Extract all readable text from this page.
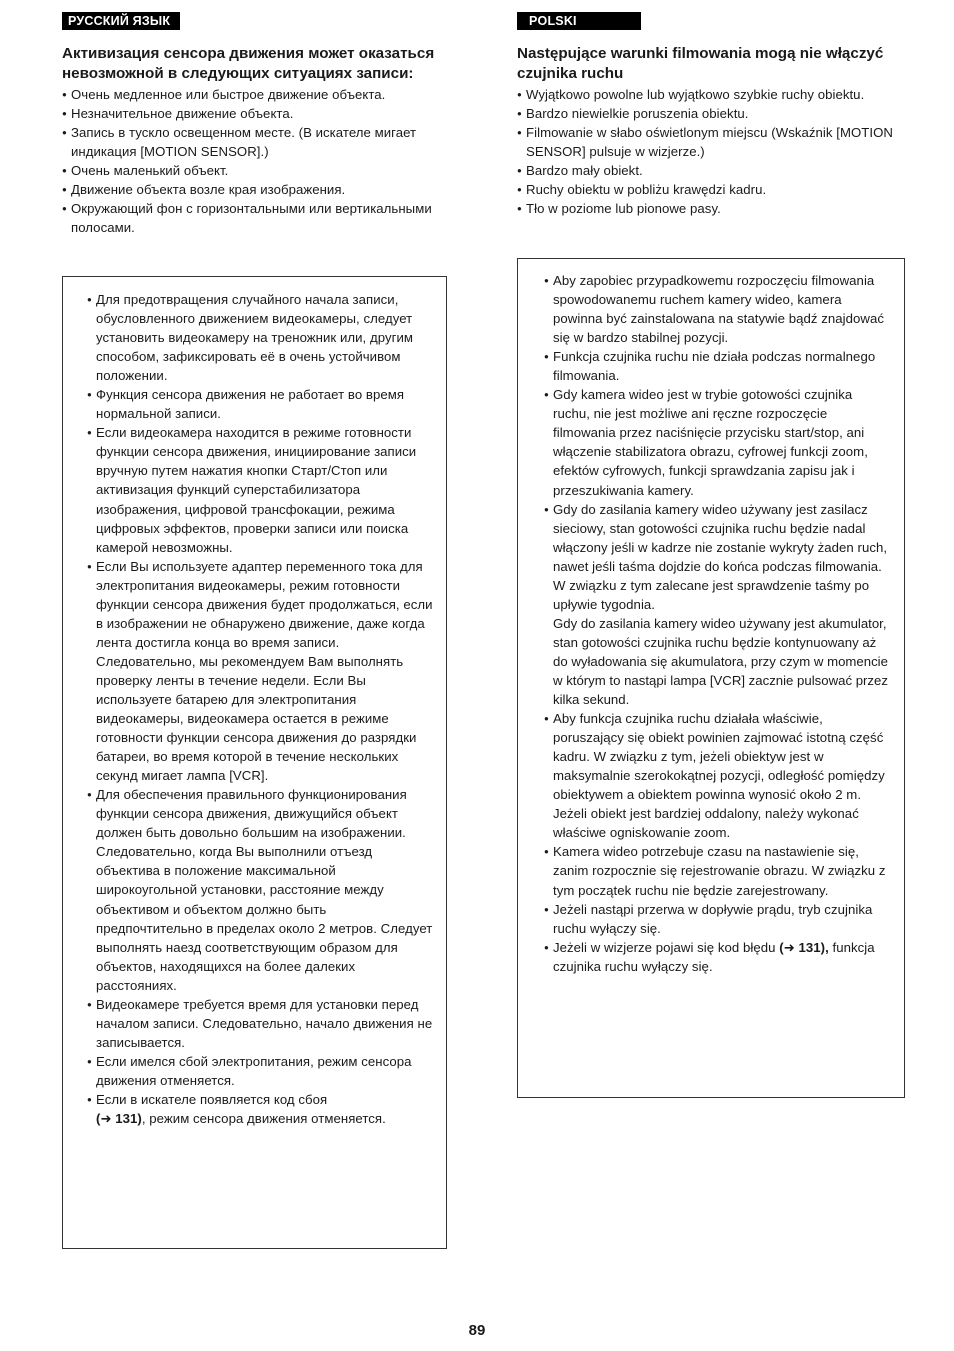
РУССКИЙ ЯЗЫК
Активизация сенсора движения может оказаться невозможной в следующих ситуациях записи:
● Очень медленное или быстрое движение объекта.
● Незначительное движение объекта.
● Запись в тускло освещенном месте. (В искателе мигает индикация [MOTION SENSOR].)
● Очень маленький объект.
● Движение объекта возле края изображения.
● Окружающий фон с горизонтальными или вертикальными полосами.
● Для предотвращения случайного начала записи, обусловленного движением видеокамеры, следует установить видеокамеру на треножник или, другим способом, зафиксировать её в очень устойчивом положении.
● Функция сенсора движения не работает во время нормальной записи.
● Если видеокамера находится в режиме готовности функции сенсора движения, инициирование записи вручную путем нажатия кнопки Старт/Стоп или активизация функций суперстабилизатора изображения, цифровой трансфокации, режима цифровых эффектов, проверки записи или поиска камерой невозможны.
● Если Вы используете адаптер переменного тока для электропитания видеокамеры, режим готовности функции сенсора движения будет продолжаться, если в изображении не обнаружено движение, даже когда лента достигла конца во время записи. Следовательно, мы рекомендуем Вам выполнять проверку ленты в течение недели. Если Вы используете батарею для электропитания видеокамеры, видеокамера остается в режиме готовности функции сенсора движения до разрядки батареи, во время которой в течение нескольких секунд мигает лампа [VCR].
● Для обеспечения правильного функционирования функции сенсора движения, движущийся объект должен быть довольно большим на изображении. Следовательно, когда Вы выполнили отъезд объектива в положение максимальной широкоугольной установки, расстояние между объективом и объектом должно быть предпочтительно в пределах около 2 метров. Следует выполнять наезд соответствующим образом для объектов, находящихся на более далеких расстояниях.
● Видеокамере требуется время для установки перед началом записи. Следовательно, начало движения не записывается.
● Если имелся сбой электропитания, режим сенсора движения отменяется.
● Если в искателе появляется код сбоя
(➜ 131), режим сенсора движения отменяется.
POLSKI
Następujące warunki filmowania mogą nie włączyć czujnika ruchu
● Wyjątkowo powolne lub wyjątkowo szybkie ruchy obiektu.
● Bardzo niewielkie poruszenia obiektu.
● Filmowanie w słabo oświetlonym miejscu (Wskaźnik [MOTION SENSOR] pulsuje w wizjerze.)
● Bardzo mały obiekt.
● Ruchy obiektu w pobliżu krawędzi kadru.
● Tło w poziome lub pionowe pasy.
● Aby zapobiec przypadkowemu rozpoczęciu filmowania spowodowanemu ruchem kamery wideo, kamera powinna być zainstalowana na statywie bądź znajdować się w bardzo stabilnej pozycji.
● Funkcja czujnika ruchu nie działa podczas normalnego filmowania.
● Gdy kamera wideo jest w trybie gotowości czujnika ruchu, nie jest możliwe ani ręczne rozpoczęcie filmowania przez naciśnięcie przycisku start/stop, ani włączenie stabilizatora obrazu, cyfrowej funkcji zoom, efektów cyfrowych, funkcji sprawdzania zapisu jak i przeszukiwania kamery.
● Gdy do zasilania kamery wideo używany jest zasilacz sieciowy, stan gotowości czujnika ruchu będzie nadal włączony jeśli w kadrze nie zostanie wykryty żaden ruch, nawet jeśli taśma dojdzie do końca podczas filmowania. W związku z tym zalecane jest sprawdzenie taśmy po upływie tygodnia.
Gdy do zasilania kamery wideo używany jest akumulator, stan gotowości czujnika ruchu będzie kontynuowany aż do wyładowania się akumulatora, przy czym w momencie w którym to nastąpi lampa [VCR] zacznie pulsować przez kilka sekund.
● Aby funkcja czujnika ruchu działała właściwie, poruszający się obiekt powinien zajmować istotną część kadru. W związku z tym, jeżeli obiektyw jest w maksymalnie szerokokątnej pozycji, odległość pomiędzy obiektywem a obiektem powinna wynosić około 2 m. Jeżeli obiekt jest bardziej oddalony, należy wykonać właściwe ogniskowanie zoom.
● Kamera wideo potrzebuje czasu na nastawienie się, zanim rozpocznie się rejestrowanie obrazu. W związku z tym początek ruchu nie będzie zarejestrowany.
● Jeżeli nastąpi przerwa w dopływie prądu, tryb czujnika ruchu wyłączy się.
● Jeżeli w wizjerze pojawi się kod błędu (➜ 131), funkcja czujnika ruchu wyłączy się.
89
